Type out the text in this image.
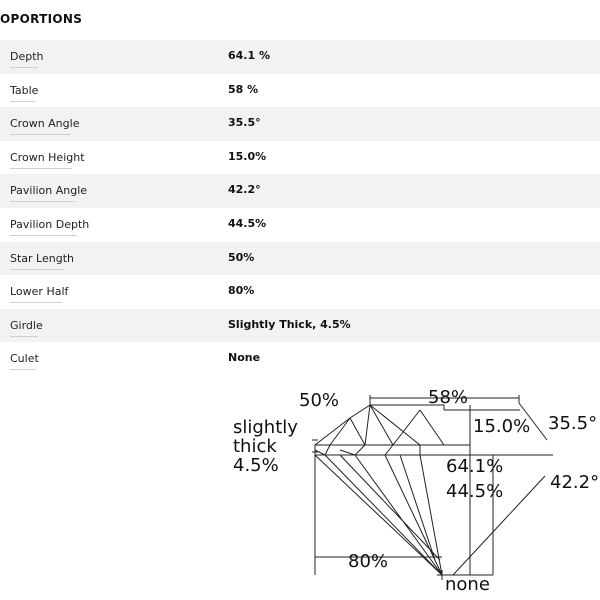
OPORTIONS
Depth	64.1 %
Table	58 %
Crown Angle	35.5°
Crown Height	15.0%
Pavilion Angle	42.2°
Pavilion Depth	44.5%
Star Length	50%
Lower Half	80%
Girdle	Slightly Thick, 4.5%
Culet	None
50%	58%
15.0% 35.5°
slightly
thick
4.5%	64.1%
44.5%	42.2°
80%
none
